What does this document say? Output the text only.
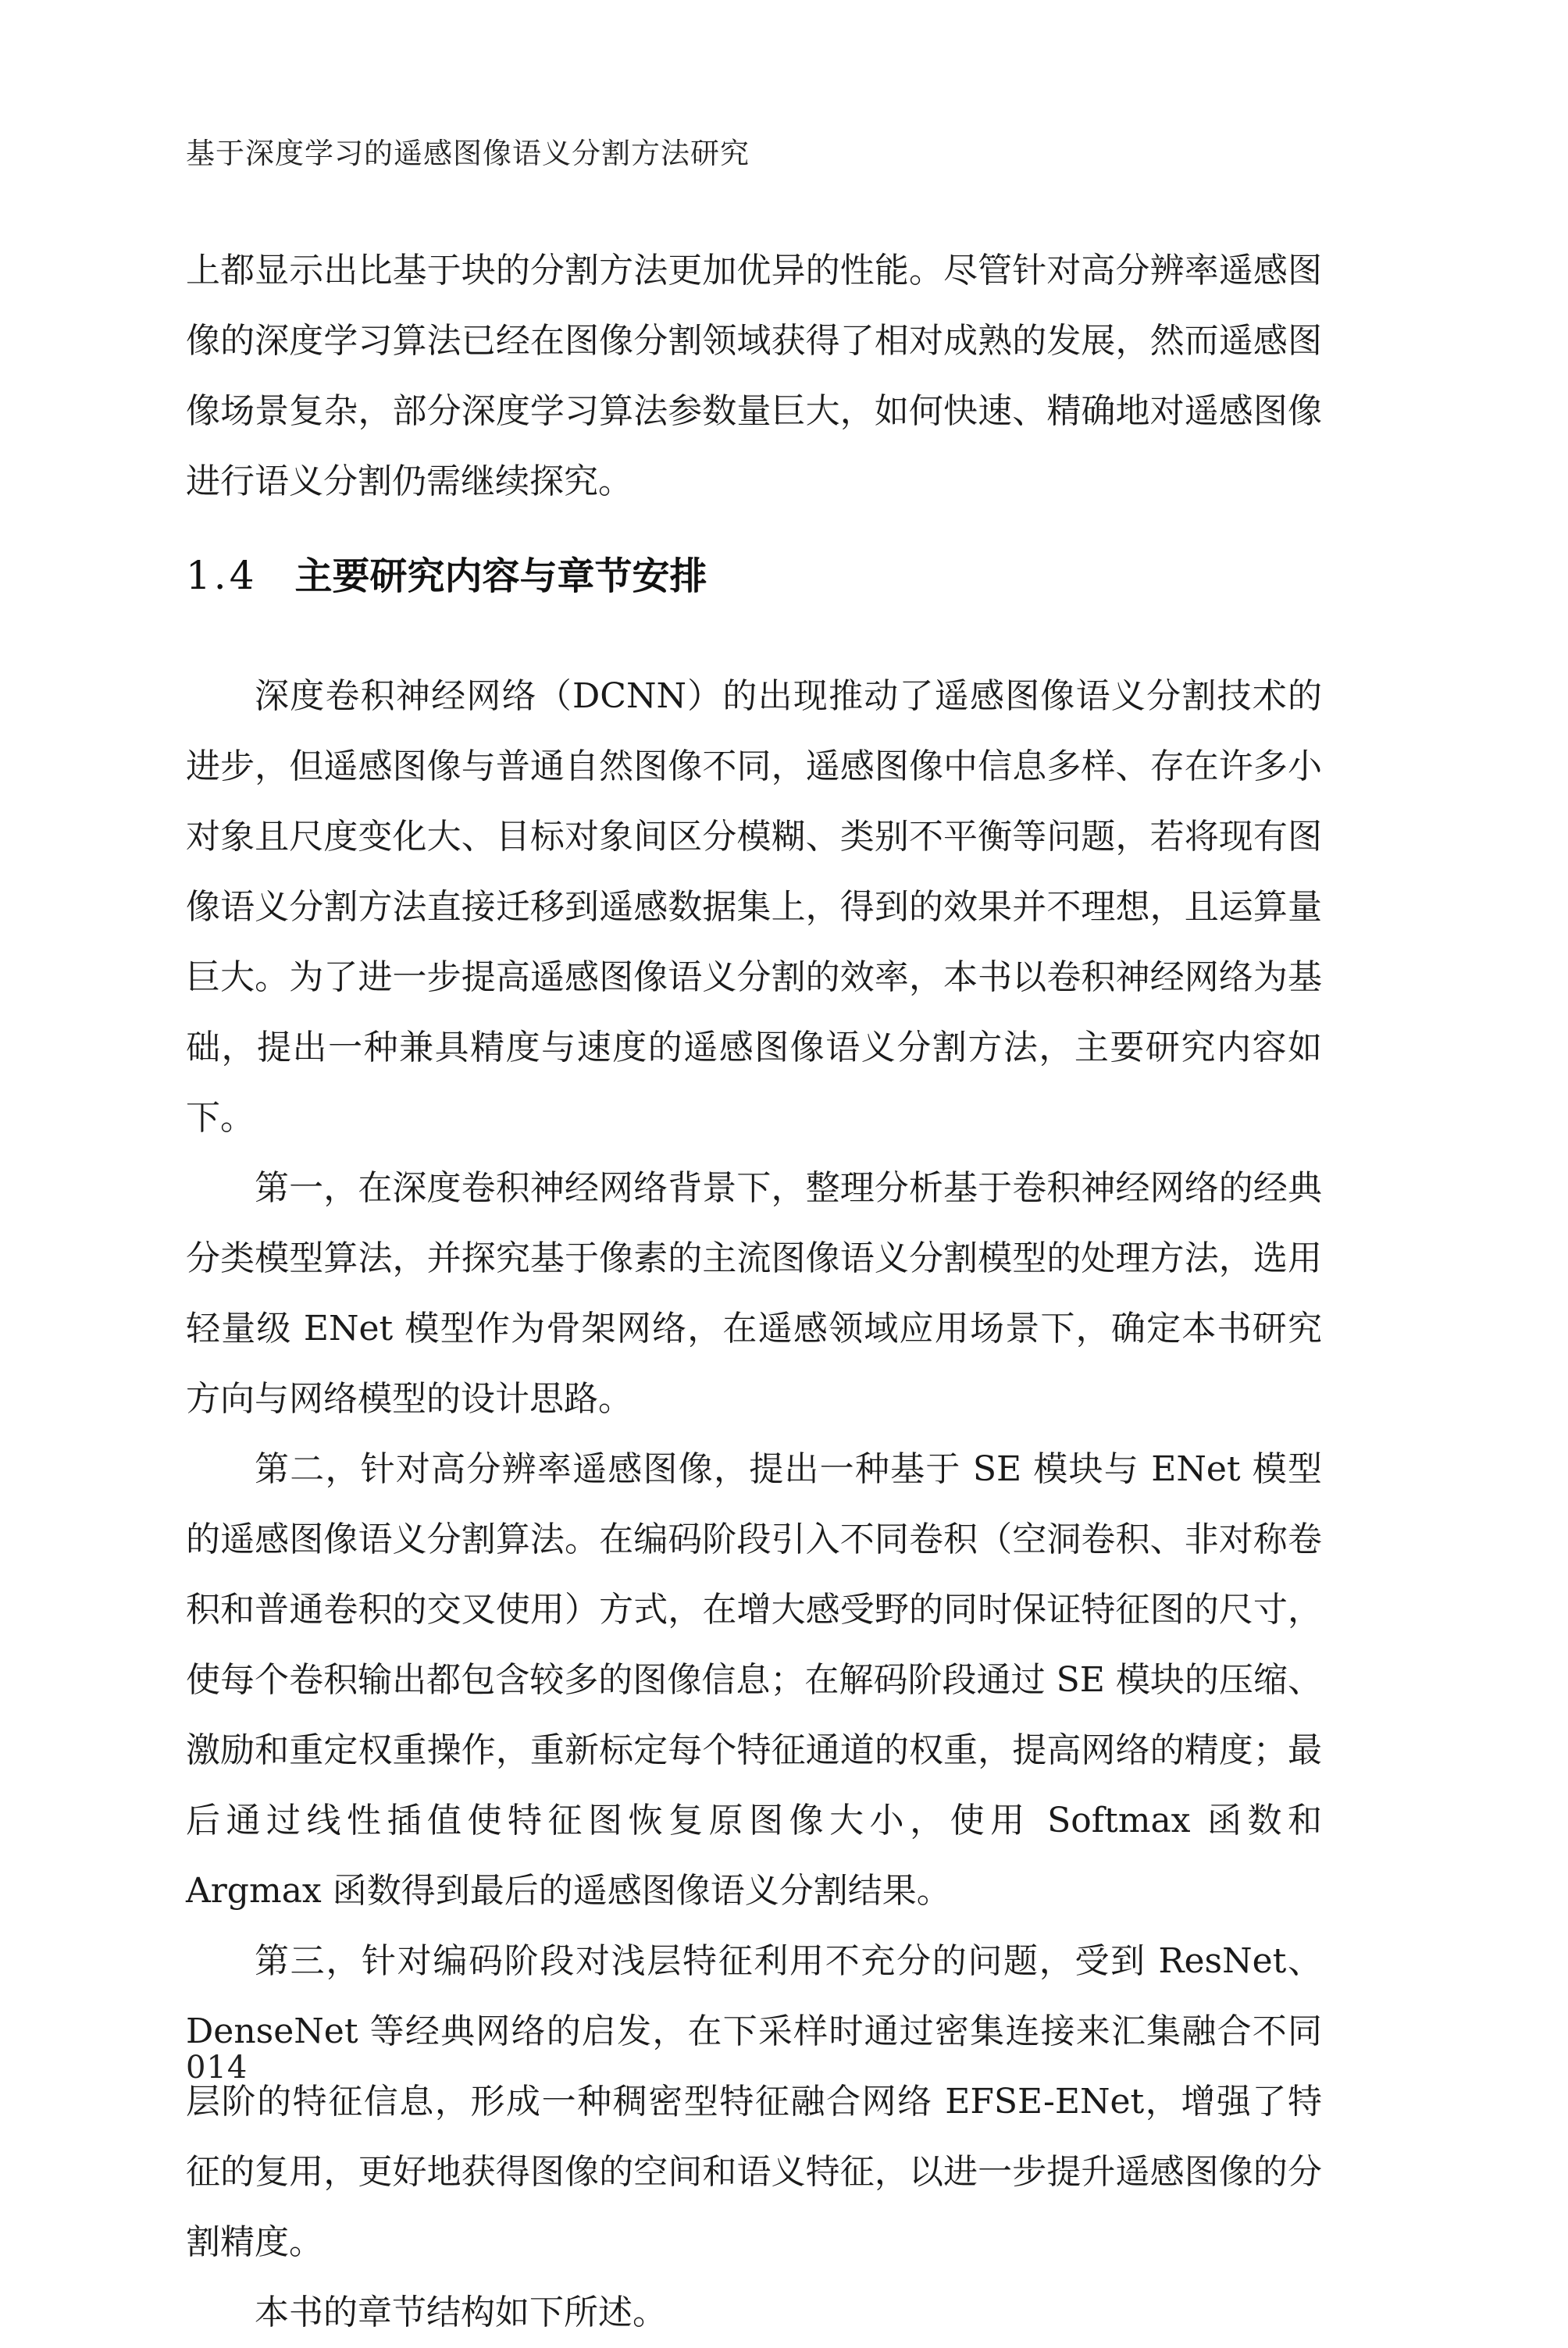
基于深度学习的遥感图像语义分割方法研究

上都显示出比基于块的分割方法更加优异的性能。尽管针对高分辨率遥感图像的深度学习算法已经在图像分割领域获得了相对成熟的发展，然而遥感图像场景复杂，部分深度学习算法参数量巨大，如何快速、精确地对遥感图像进行语义分割仍需继续探究。

1.4 主要研究内容与章节安排

深度卷积神经网络（DCNN）的出现推动了遥感图像语义分割技术的进步，但遥感图像与普通自然图像不同，遥感图像中信息多样、存在许多小对象且尺度变化大、目标对象间区分模糊、类别不平衡等问题，若将现有图像语义分割方法直接迁移到遥感数据集上，得到的效果并不理想，且运算量巨大。为了进一步提高遥感图像语义分割的效率，本书以卷积神经网络为基础，提出一种兼具精度与速度的遥感图像语义分割方法，主要研究内容如下。

第一，在深度卷积神经网络背景下，整理分析基于卷积神经网络的经典分类模型算法，并探究基于像素的主流图像语义分割模型的处理方法，选用轻量级 ENet 模型作为骨架网络，在遥感领域应用场景下，确定本书研究方向与网络模型的设计思路。

第二，针对高分辨率遥感图像，提出一种基于 SE 模块与 ENet 模型的遥感图像语义分割算法。在编码阶段引入不同卷积（空洞卷积、非对称卷积和普通卷积的交叉使用）方式，在增大感受野的同时保证特征图的尺寸，使每个卷积输出都包含较多的图像信息；在解码阶段通过 SE 模块的压缩、激励和重定权重操作，重新标定每个特征通道的权重，提高网络的精度；最后通过线性插值使特征图恢复原图像大小，使用 Softmax 函数和 Argmax 函数得到最后的遥感图像语义分割结果。

第三，针对编码阶段对浅层特征利用不充分的问题，受到 ResNet、DenseNet 等经典网络的启发，在下采样时通过密集连接来汇集融合不同层阶的特征信息，形成一种稠密型特征融合网络 EFSE-ENet，增强了特征的复用，更好地获得图像的空间和语义特征，以进一步提升遥感图像的分割精度。

本书的章节结构如下所述。

014
